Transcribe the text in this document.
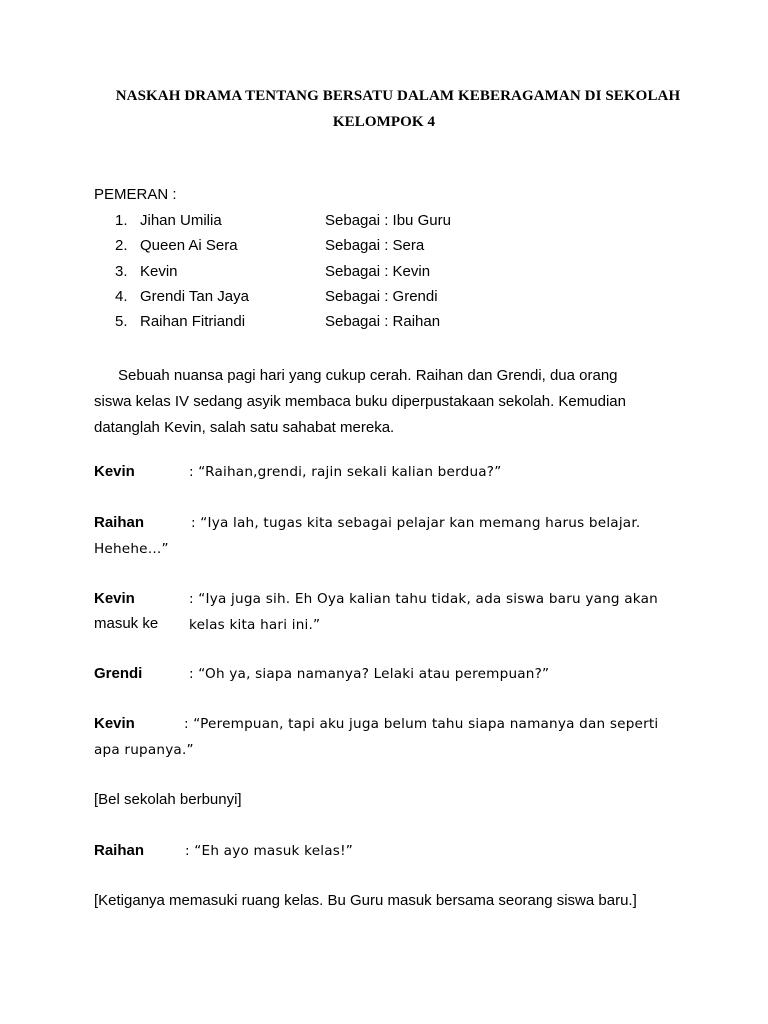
NASKAH DRAMA TENTANG BERSATU DALAM KEBERAGAMAN DI SEKOLAH
KELOMPOK 4
PEMERAN :
1. Jihan Umilia	Sebagai : Ibu Guru
2. Queen Ai Sera	Sebagai : Sera
3. Kevin	Sebagai : Kevin
4. Grendi Tan Jaya	Sebagai : Grendi
5. Raihan Fitriandi	Sebagai : Raihan
Sebuah nuansa pagi hari yang cukup cerah. Raihan dan Grendi, dua orang
siswa kelas IV sedang asyik membaca buku diperpustakaan sekolah. Kemudian
datanglah Kevin, salah satu sahabat mereka.
Kevin	: “Raihan,grendi, rajin sekali kalian berdua?”
Raihan	: “Iya lah, tugas kita sebagai pelajar kan memang harus belajar.
Hehehe…”
Kevin	: “Iya juga sih. Eh Oya kalian tahu tidak, ada siswa baru yang akan
masuk ke kelas kita hari ini.”
Grendi	: “Oh ya, siapa namanya? Lelaki atau perempuan?”
Kevin	: “Perempuan, tapi aku juga belum tahu siapa namanya dan seperti
apa rupanya.”
[Bel sekolah berbunyi]
Raihan	: “Eh ayo masuk kelas!”
[Ketiganya memasuki ruang kelas. Bu Guru masuk bersama seorang siswa baru.]
